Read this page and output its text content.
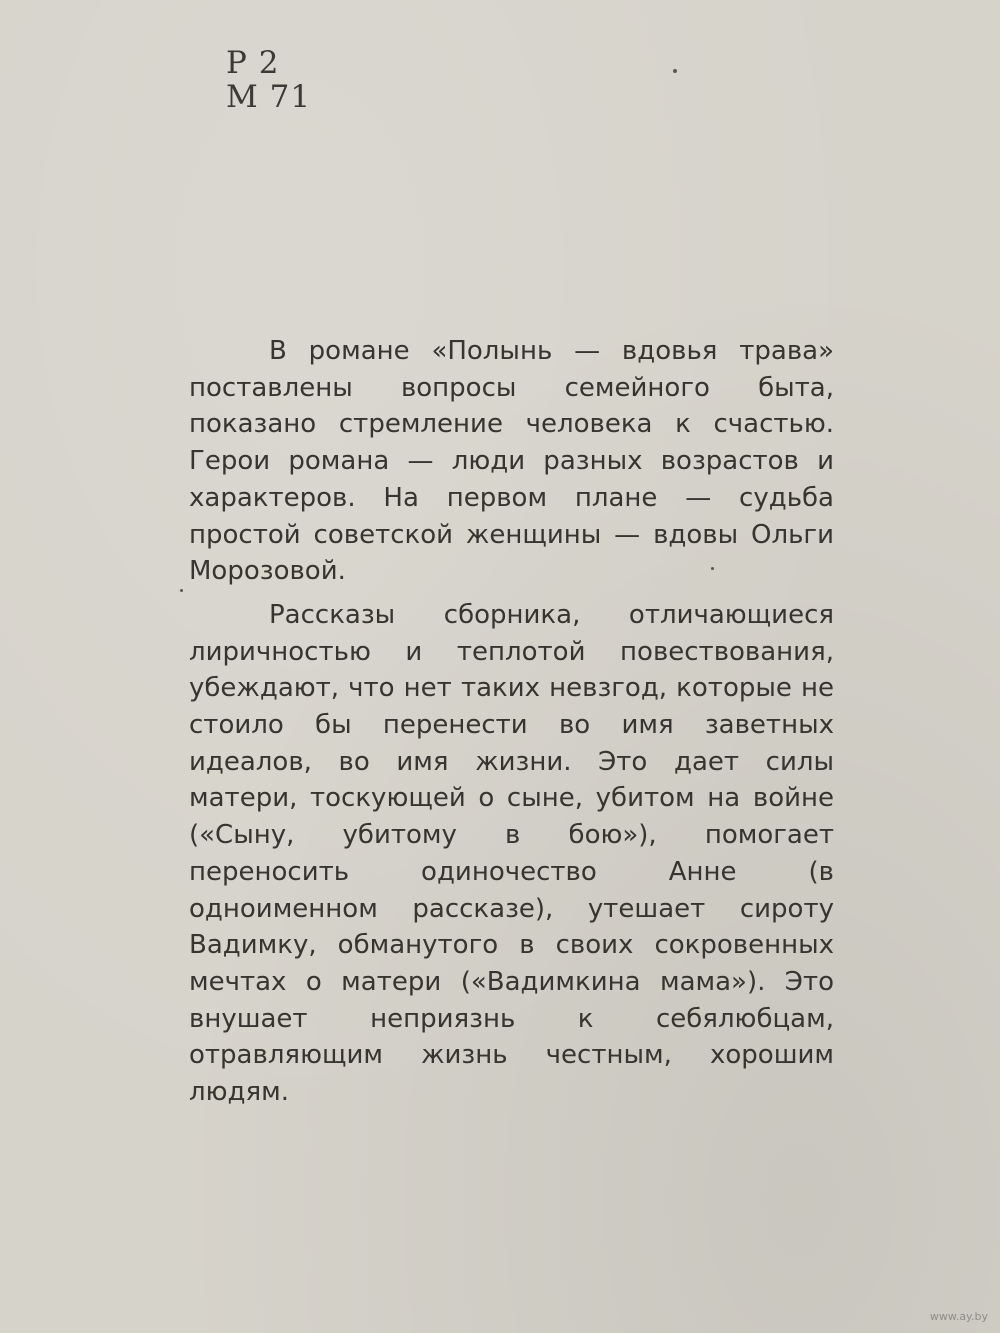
Р 2
М 71

В романе «Полынь — вдовья трава» поставлены вопросы семейного быта, показано стремление человека к счастью. Герои романа — люди разных возрастов и характеров. На первом плане — судьба простой советской женщины — вдовы Ольги Морозовой.

Рассказы сборника, отличающиеся лиричностью и теплотой повествования, убеждают, что нет таких невзгод, которые не стоило бы перенести во имя заветных идеалов, во имя жизни. Это дает силы матери, тоскующей о сыне, убитом на войне («Сыну, убитому в бою»), помогает переносить одиночество Анне (в одноименном рассказе), утешает сироту Вадимку, обманутого в своих сокровенных мечтах о матери («Вадимкина мама»). Это внушает неприязнь к себялюбцам, отравляющим жизнь честным, хорошим людям.

www.ay.by
